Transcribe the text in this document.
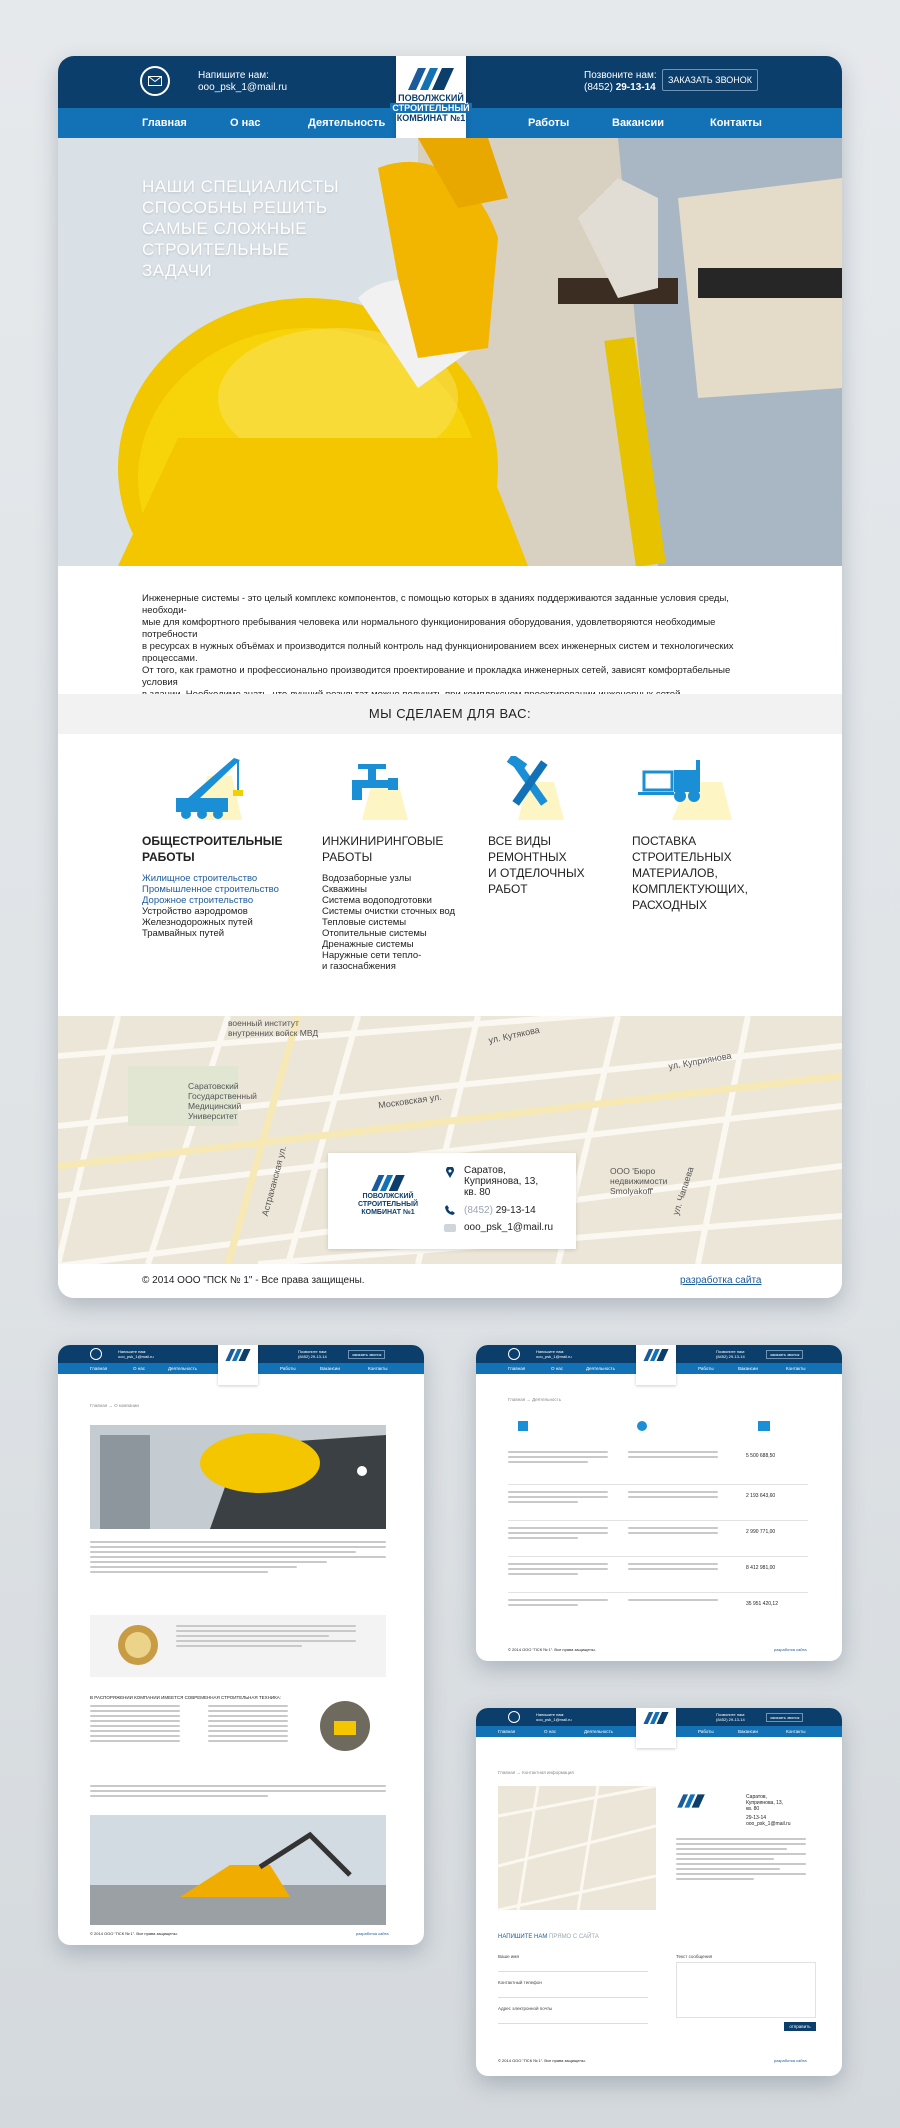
Напишите нам:
ooo_psk_1@mail.ru
Позвоните нам:
(8452) 29-13-14
ЗАКАЗАТЬ ЗВОНОК
Главная	О нас	Деятельность	Работы	Вакансии	Контакты
ПОВОЛЖСКИЙ
СТРОИТЕЛЬНЫЙ
КОМБИНАТ №1
НАШИ СПЕЦИАЛИСТЫ
СПОСОБНЫ РЕШИТЬ
САМЫЕ СЛОЖНЫЕ
СТРОИТЕЛЬНЫЕ
ЗАДАЧИ
Инженерные системы - это целый комплекс компонентов, с помощью которых в зданиях поддерживаются заданные условия среды, необходи-
мые для комфортного пребывания человека или нормального функционирования оборудования, удовлетворяются необходимые потребности
в ресурсах в нужных объёмах и производится полный контроль над функционированием всех инженерных систем и технологических
процессами.
От того, как грамотно и профессионально производится проектирование и прокладка инженерных сетей, зависят комфортабельные условия
МЫ СДЕЛАЕМ ДЛЯ ВАС:
ОБЩЕСТРОИТЕЛЬНЫЕ
РАБОТЫ
Жилищное строительство
Промышленное строительство
Дорожное строительство
Устройство аэродромов
Железнодорожных путей
Трамвайных путей
ИНЖИНИРИНГОВЫЕ
РАБОТЫ
Водозаборные узлы
Скважины
Система водоподготовки
Системы очистки сточных вод
Тепловые системы
Отопительные системы
Дренажные системы
Наружные сети тепло-
и газоснабжения
ВСЕ ВИДЫ
РЕМОНТНЫХ
И ОТДЕЛОЧНЫХ
РАБОТ
ПОСТАВКА
СТРОИТЕЛЬНЫХ
МАТЕРИАЛОВ,
КОМПЛЕКТУЮЩИХ,
РАСХОДНЫХ
военный институт
внутренних войск МВД
Саратовский
Государственный
Медицинский
Университет
Московская ул.
ул. Куприянова
Астраханская ул.	ул. Чапаева
ул. Кутякова
ООО 'Бюро
недвижимости
Smolyakoff'
ПОВОЛЖСКИЙ
СТРОИТЕЛЬНЫЙ
КОМБИНАТ №1
Саратов,
Куприянова, 13,
кв. 80
(8452) 29-13-14
ooo_psk_1@mail.ru
© 2014 ООО "ПСК № 1" - Все права защищены.	разработка сайта
Напишите нам:
ooo_psk_1@mail.ru
Позвоните нам:
(8452) 29-13-14	заказать звонок
Главная	О нас	Деятельность	Работы	Вакансии	Контакты
Главная → О компании
В РАСПОРЯЖЕНИИ КОМПАНИИ ИМЕЕТСЯ СОВРЕМЕННАЯ СТРОИТЕЛЬНАЯ ТЕХНИКА:
© 2014 ООО "ПСК № 1". Все права защищены.	разработка сайта
Напишите нам:
ooo_psk_1@mail.ru
Позвоните нам:
(8452) 29-13-14	заказать звонок
Главная	О нас	Деятельность	Работы	Вакансии	Контакты
Главная → Деятельность
5 500 688,50
2 193 643,60
2 990 771,00
8 412 981,00
35 951 420,12
© 2014 ООО "ПСК № 1". Все права защищены.	разработка сайта
Напишите нам:
ooo_psk_1@mail.ru
Позвоните нам:
(8452) 29-13-14	заказать звонок
Главная	О нас	Деятельность	Работы	Вакансии	Контакты
Главная → Контактная информация
Саратов,
Куприянова, 13,
кв. 80
29-13-14
ooo_psk_1@mail.ru
НАПИШИТЕ НАМ ПРЯМО С САЙТА
Ваше имя
Контактный телефон
Адрес электронной почты
Текст сообщения
отправить
© 2014 ООО "ПСК № 1". Все права защищены.	разработка сайта
